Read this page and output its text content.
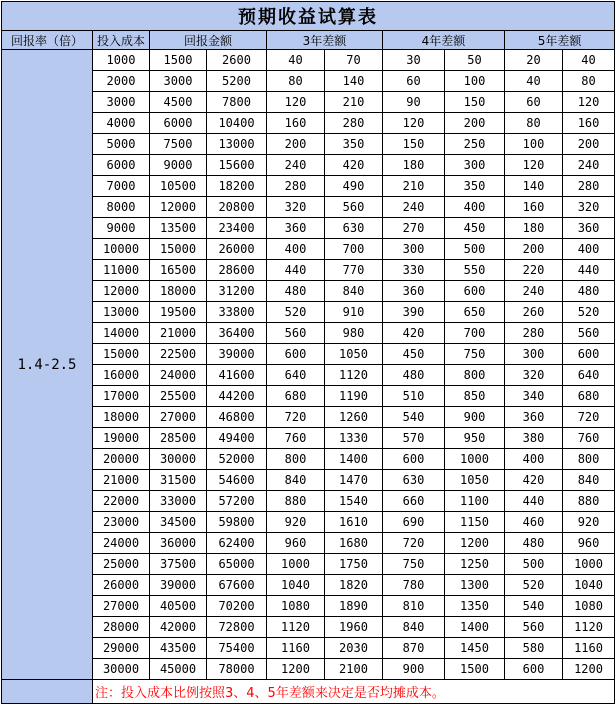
预期收益试算表									
回报率（倍）	投入成本	回报金额		3年差额		4年差额		5年差额	
1.4-2.5	1000	1500	2600	40	70	30	50	20	40
	2000	3000	5200	80	140	60	100	40	80
	3000	4500	7800	120	210	90	150	60	120
	4000	6000	10400	160	280	120	200	80	160
	5000	7500	13000	200	350	150	250	100	200
	6000	9000	15600	240	420	180	300	120	240
	7000	10500	18200	280	490	210	350	140	280
	8000	12000	20800	320	560	240	400	160	320
	9000	13500	23400	360	630	270	450	180	360
	10000	15000	26000	400	700	300	500	200	400
	11000	16500	28600	440	770	330	550	220	440
	12000	18000	31200	480	840	360	600	240	480
	13000	19500	33800	520	910	390	650	260	520
	14000	21000	36400	560	980	420	700	280	560
	15000	22500	39000	600	1050	450	750	300	600
	16000	24000	41600	640	1120	480	800	320	640
	17000	25500	44200	680	1190	510	850	340	680
	18000	27000	46800	720	1260	540	900	360	720
	19000	28500	49400	760	1330	570	950	380	760
	20000	30000	52000	800	1400	600	1000	400	800
	21000	31500	54600	840	1470	630	1050	420	840
	22000	33000	57200	880	1540	660	1100	440	880
	23000	34500	59800	920	1610	690	1150	460	920
	24000	36000	62400	960	1680	720	1200	480	960
	25000	37500	65000	1000	1750	750	1250	500	1000
	26000	39000	67600	1040	1820	780	1300	520	1040
	27000	40500	70200	1080	1890	810	1350	540	1080
	28000	42000	72800	1120	1960	840	1400	560	1120
	29000	43500	75400	1160	2030	870	1450	580	1160
	30000	45000	78000	1200	2100	900	1500	600	1200
	注：投入成本比例按照3、4、5年差额来决定是否均摊成本。								
